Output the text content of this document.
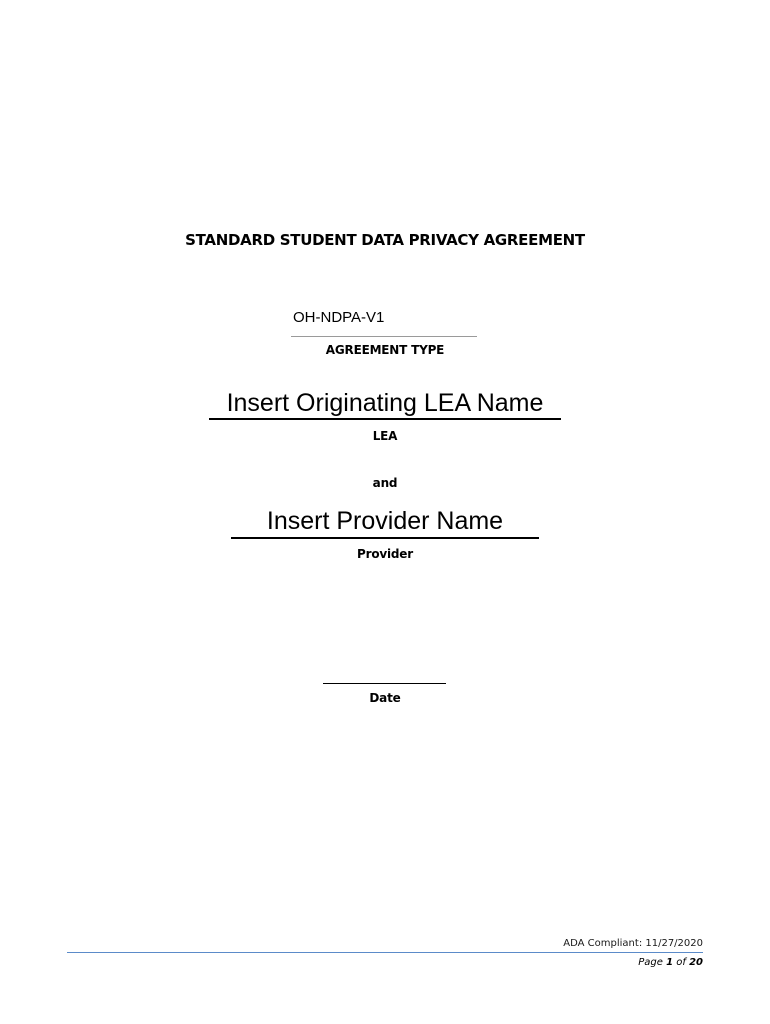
STANDARD STUDENT DATA PRIVACY AGREEMENT
OH-NDPA-V1
AGREEMENT TYPE
Insert Originating LEA Name
LEA
and
Insert Provider Name
Provider
Date
ADA Compliant: 11/27/2020
Page 1 of 20
